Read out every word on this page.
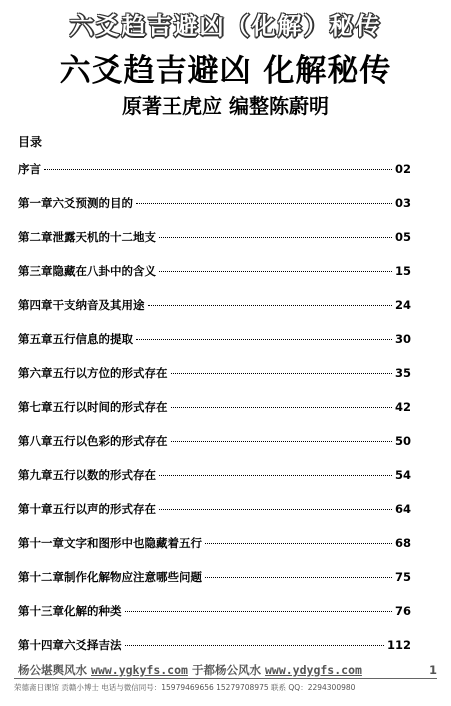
六爻趋吉避凶（化解）秘传
六爻趋吉避凶 化解秘传
原著王虎应 编整陈蔚明
目录
序言	02
第一章六爻预测的目的	03
第二章泄露天机的十二地支	05
第三章隐藏在八卦中的含义	15
第四章干支纳音及其用途	24
第五章五行信息的提取	30
第六章五行以方位的形式存在	35
第七章五行以时间的形式存在	42
第八章五行以色彩的形式存在	50
第九章五行以数的形式存在	54
第十章五行以声的形式存在	64
第十一章文字和图形中也隐藏着五行	68
第十二章制作化解物应注意哪些问题	75
第十三章化解的种类	76
第十四章六爻择吉法	112
杨公堪舆风水 www.ygkyfs.com 于都杨公风水 www.ydygfs.com	1
荣德斋日课馆 贡赣小博士 电话与微信同号：15979469656 15279708975 联系 QQ：2294300980
